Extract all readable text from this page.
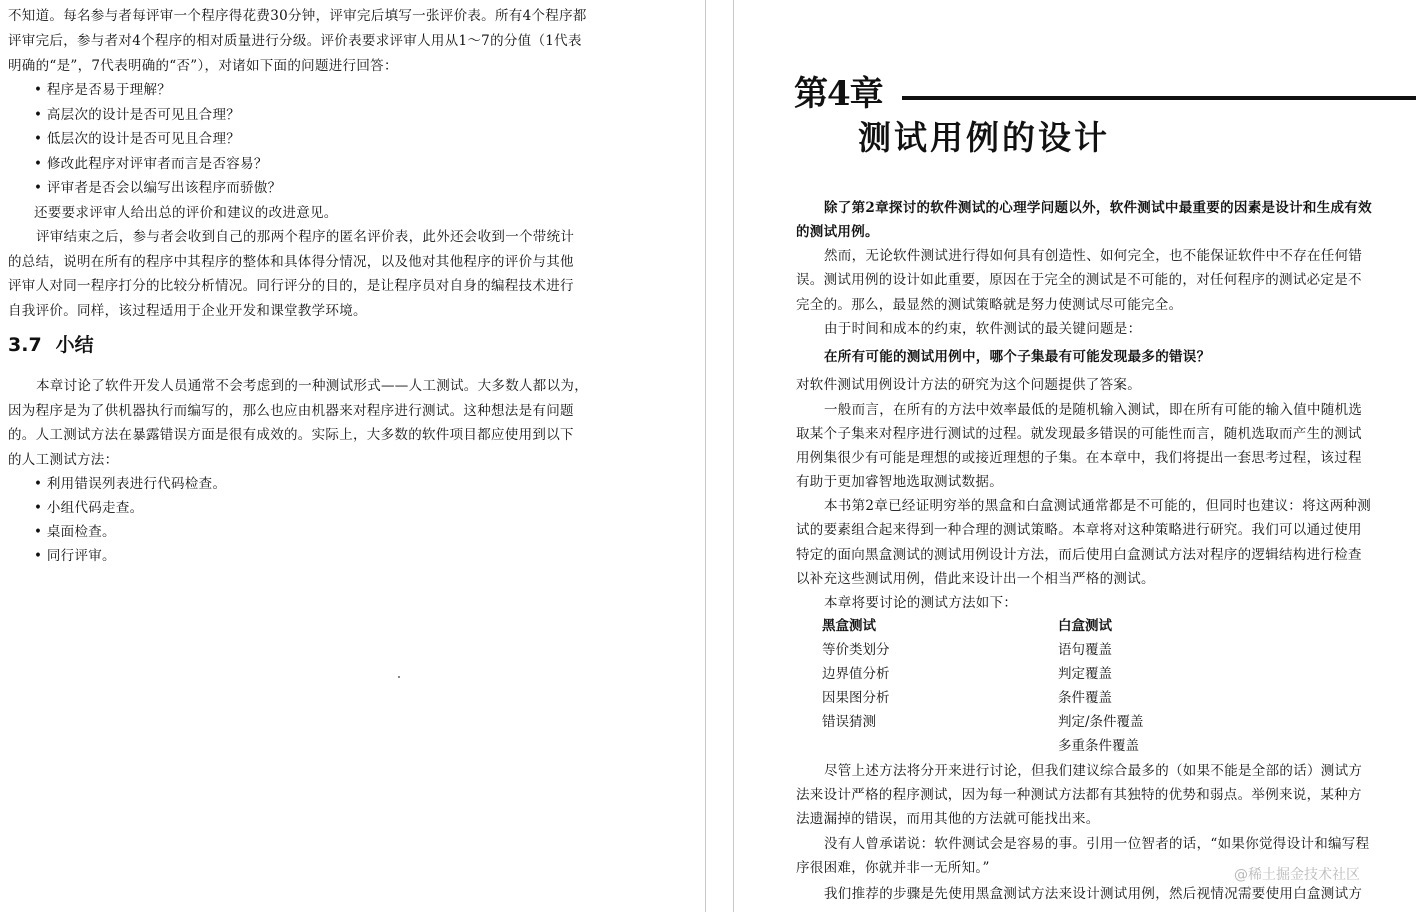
不知道。每名参与者每评审一个程序得花费30分钟，评审完后填写一张评价表。所有4个程序都

评审完后，参与者对4个程序的相对质量进行分级。评价表要求评审人用从1～7的分值（1代表

明确的“是”，7代表明确的“否”），对诸如下面的问题进行回答：

• 程序是否易于理解？

• 高层次的设计是否可见且合理？

• 低层次的设计是否可见且合理？

• 修改此程序对评审者而言是否容易？

• 评审者是否会以编写出该程序而骄傲？

还要要求评审人给出总的评价和建议的改进意见。

评审结束之后，参与者会收到自己的那两个程序的匿名评价表，此外还会收到一个带统计

的总结，说明在所有的程序中其程序的整体和具体得分情况，以及他对其他程序的评价与其他

评审人对同一程序打分的比较分析情况。同行评分的目的，是让程序员对自身的编程技术进行

自我评价。同样，该过程适用于企业开发和课堂教学环境。

3.7 小结

本章讨论了软件开发人员通常不会考虑到的一种测试形式——人工测试。大多数人都以为，

因为程序是为了供机器执行而编写的，那么也应由机器来对程序进行测试。这种想法是有问题

的。人工测试方法在暴露错误方面是很有成效的。实际上，大多数的软件项目都应使用到以下

的人工测试方法：

• 利用错误列表进行代码检查。

• 小组代码走查。

• 桌面检查。

• 同行评审。

第4章

测试用例的设计

除了第2章探讨的软件测试的心理学问题以外，软件测试中最重要的因素是设计和生成有效

的测试用例。

然而，无论软件测试进行得如何具有创造性、如何完全，也不能保证软件中不存在任何错

误。测试用例的设计如此重要，原因在于完全的测试是不可能的，对任何程序的测试必定是不

完全的。那么，最显然的测试策略就是努力使测试尽可能完全。

由于时间和成本的约束，软件测试的最关键问题是：

在所有可能的测试用例中，哪个子集最有可能发现最多的错误？

对软件测试用例设计方法的研究为这个问题提供了答案。

一般而言，在所有的方法中效率最低的是随机输入测试，即在所有可能的输入值中随机选

取某个子集来对程序进行测试的过程。就发现最多错误的可能性而言，随机选取而产生的测试

用例集很少有可能是理想的或接近理想的子集。在本章中，我们将提出一套思考过程，该过程

有助于更加睿智地选取测试数据。

本书第2章已经证明穷举的黑盒和白盒测试通常都是不可能的，但同时也建议：将这两种测

试的要素组合起来得到一种合理的测试策略。本章将对这种策略进行研究。我们可以通过使用

特定的面向黑盒测试的测试用例设计方法，而后使用白盒测试方法对程序的逻辑结构进行检查

以补充这些测试用例，借此来设计出一个相当严格的测试。

本章将要讨论的测试方法如下：

黑盒测试
等价类划分
边界值分析
因果图分析
错误猜测
白盒测试
语句覆盖
判定覆盖
条件覆盖
判定/条件覆盖
多重条件覆盖

尽管上述方法将分开来进行讨论，但我们建议综合最多的（如果不能是全部的话）测试方

法来设计严格的程序测试，因为每一种测试方法都有其独特的优势和弱点。举例来说，某种方

法遗漏掉的错误，而用其他的方法就可能找出来。

没有人曾承诺说：软件测试会是容易的事。引用一位智者的话，“如果你觉得设计和编写程

序很困难，你就并非一无所知。”

我们推荐的步骤是先使用黑盒测试方法来设计测试用例，然后视情况需要使用白盒测试方

@稀土掘金技术社区
